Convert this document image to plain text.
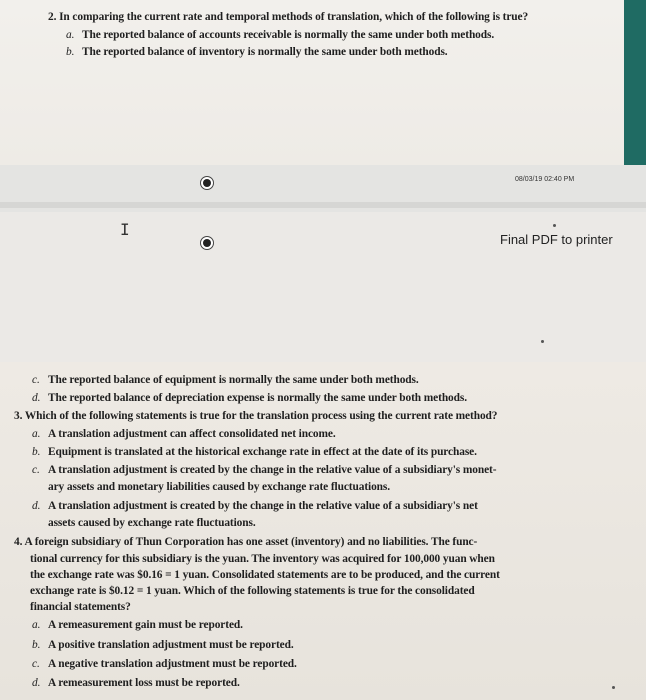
2. In comparing the current rate and temporal methods of translation, which of the following is true?
a. The reported balance of accounts receivable is normally the same under both methods.
b. The reported balance of inventory is normally the same under both methods.
08/03/19 02:40 PM
I
Final PDF to printer
c. The reported balance of equipment is normally the same under both methods.
d. The reported balance of depreciation expense is normally the same under both methods.
3. Which of the following statements is true for the translation process using the current rate method?
a. A translation adjustment can affect consolidated net income.
b. Equipment is translated at the historical exchange rate in effect at the date of its purchase.
c. A translation adjustment is created by the change in the relative value of a subsidiary's monet-
ary assets and monetary liabilities caused by exchange rate fluctuations.
d. A translation adjustment is created by the change in the relative value of a subsidiary's net
assets caused by exchange rate fluctuations.
4. A foreign subsidiary of Thun Corporation has one asset (inventory) and no liabilities. The func-
tional currency for this subsidiary is the yuan. The inventory was acquired for 100,000 yuan when
the exchange rate was $0.16 = 1 yuan. Consolidated statements are to be produced, and the current
exchange rate is $0.12 = 1 yuan. Which of the following statements is true for the consolidated
financial statements?
a. A remeasurement gain must be reported.
b. A positive translation adjustment must be reported.
c. A negative translation adjustment must be reported.
d. A remeasurement loss must be reported.
